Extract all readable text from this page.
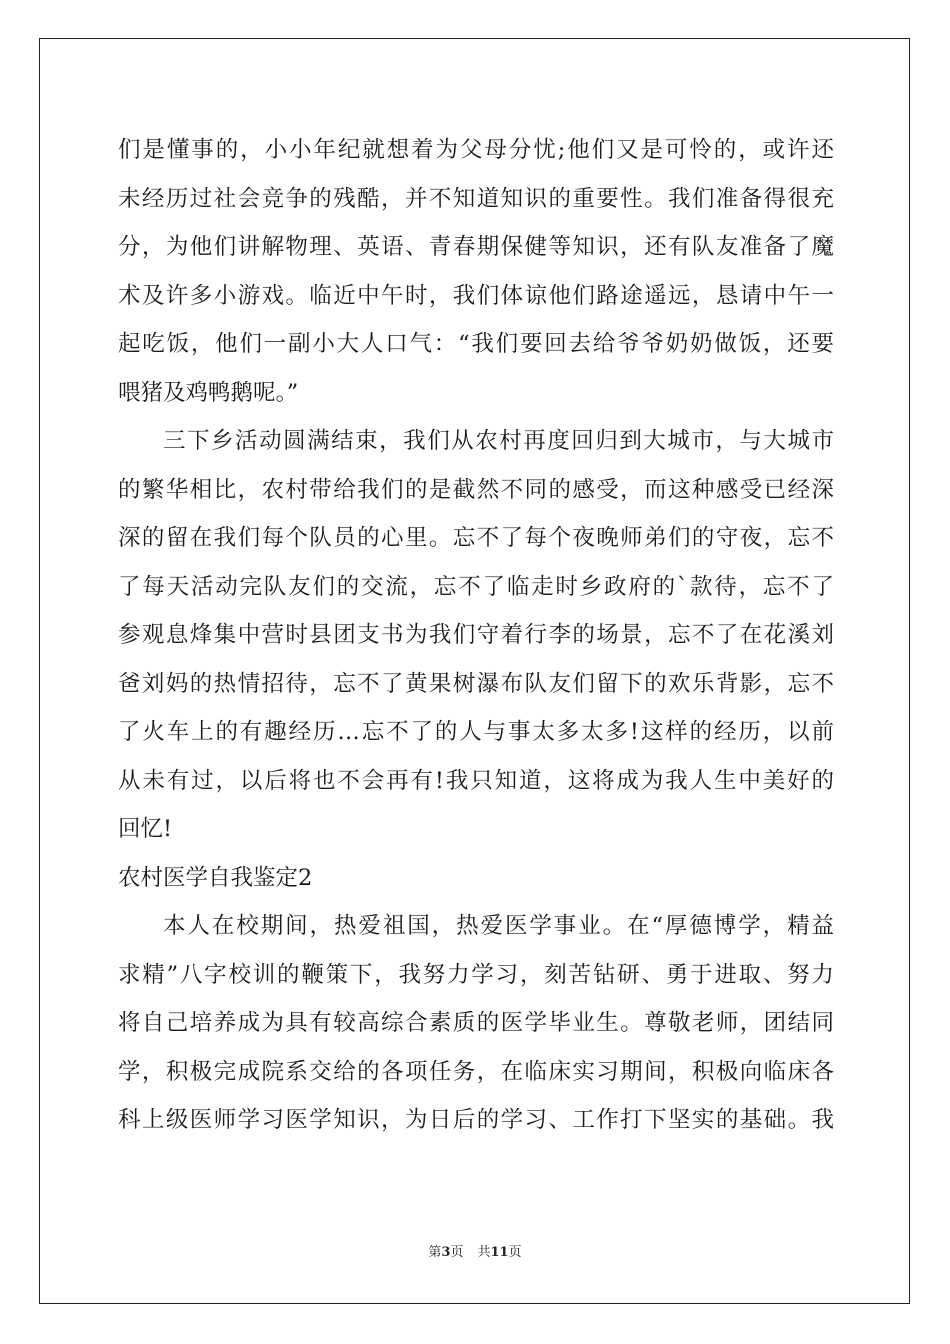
们是懂事的，小小年纪就想着为父母分忧;他们又是可怜的，或许还
未经历过社会竞争的残酷，并不知道知识的重要性。我们准备得很充
分，为他们讲解物理、英语、青春期保健等知识，还有队友准备了魔
术及许多小游戏。临近中午时，我们体谅他们路途遥远，恳请中午一
起吃饭，他们一副小大人口气：“我们要回去给爷爷奶奶做饭，还要
喂猪及鸡鸭鹅呢。”
三下乡活动圆满结束，我们从农村再度回归到大城市，与大城市
的繁华相比，农村带给我们的是截然不同的感受，而这种感受已经深
深的留在我们每个队员的心里。忘不了每个夜晚师弟们的守夜，忘不
了每天活动完队友们的交流，忘不了临走时乡政府的`款待，忘不了
参观息烽集中营时县团支书为我们守着行李的场景，忘不了在花溪刘
爸刘妈的热情招待，忘不了黄果树瀑布队友们留下的欢乐背影，忘不
了火车上的有趣经历…忘不了的人与事太多太多!这样的经历，以前
从未有过，以后将也不会再有!我只知道，这将成为我人生中美好的
回忆!
农村医学自我鉴定2
本人在校期间，热爱祖国，热爱医学事业。在“厚德博学，精益
求精”八字校训的鞭策下，我努力学习，刻苦钻研、勇于进取、努力
将自己培养成为具有较高综合素质的医学毕业生。尊敬老师，团结同
学，积极完成院系交给的各项任务，在临床实习期间，积极向临床各
科上级医师学习医学知识，为日后的学习、工作打下坚实的基础。我
第3页 共11页
